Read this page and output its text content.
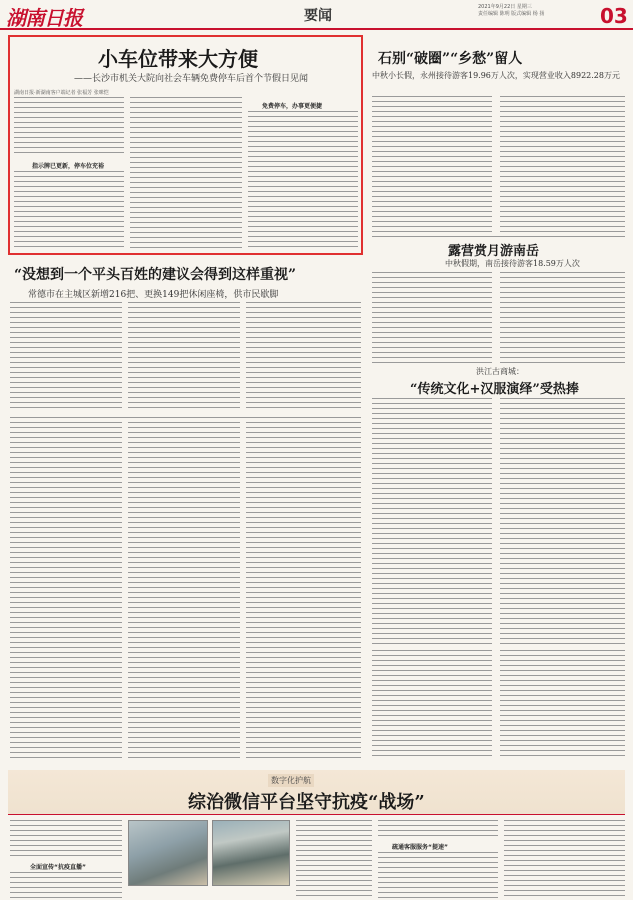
湖南日报	要闻
2021年9月22日 星期三
责任编辑 陈明 版式编辑 杨 扬	03
小车位带来大方便
——长沙市机关大院向社会车辆免费停车后首个节假日见闻
湖南日报·新湖南客户端记者 张福芳 张咪恺
指示牌已更新，停车位充裕
免费停车，办事更便捷
石别“破圈”“乡愁”留人
中秋小长假，永州接待游客19.96万人次，实现营业收入8922.28万元
露营赏月游南岳
中秋假期，南岳接待游客18.59万人次
洪江古商城：
“传统文化+汉服演绎”受热捧
“没想到一个平头百姓的建议会得到这样重视”
常德市在主城区新增216把、更换149把休闲座椅，供市民歇脚
数字化护航
综治微信平台坚守抗疫“战场”
全面宣传“抗疫直播”
疏通客服服务“提速”
